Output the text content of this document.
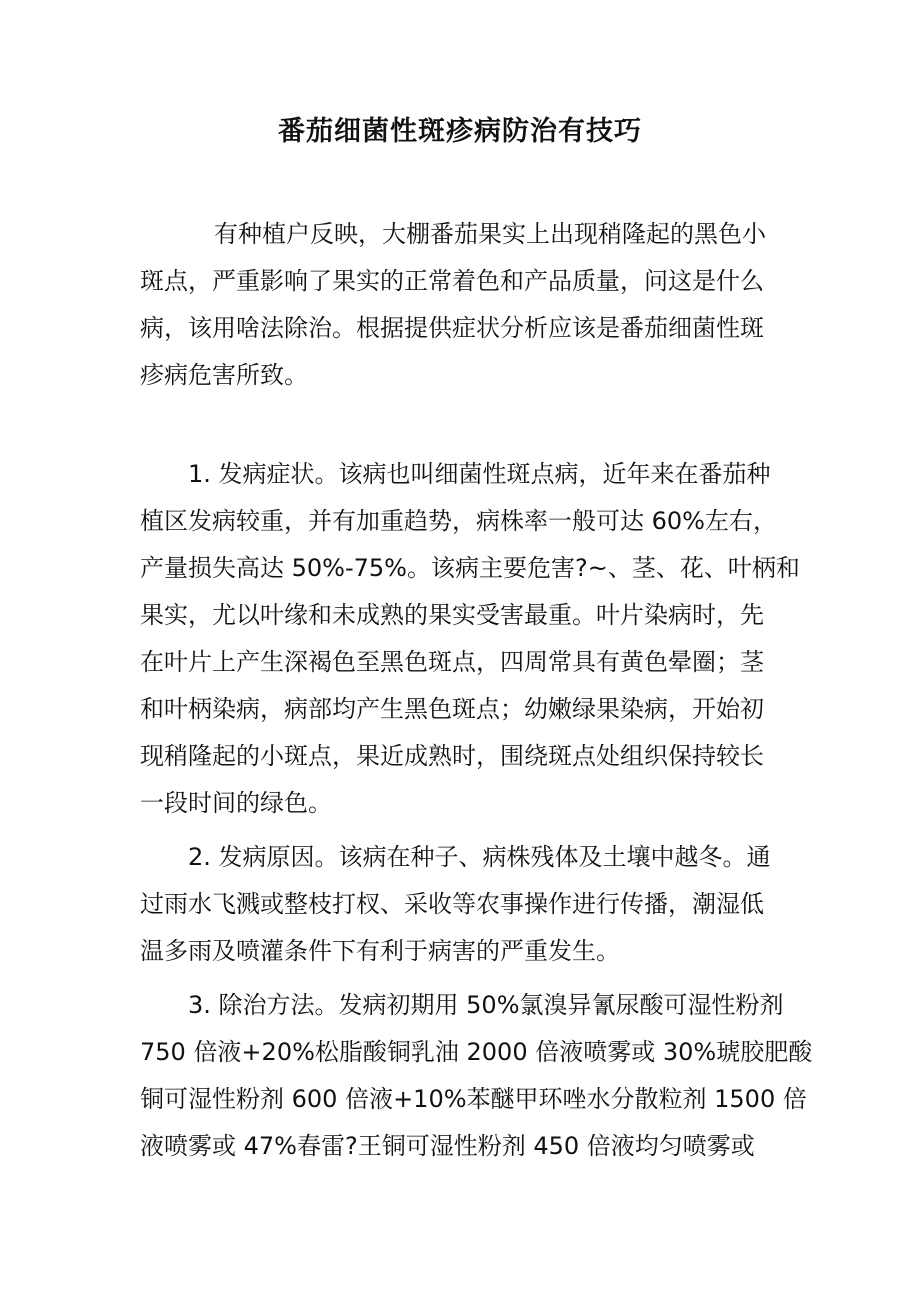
番茄细菌性斑疹病防治有技巧
有种植户反映，大棚番茄果实上出现稍隆起的黑色小
斑点，严重影响了果实的正常着色和产品质量，问这是什么
病，该用啥法除治。根据提供症状分析应该是番茄细菌性斑
疹病危害所致。
1. 发病症状。该病也叫细菌性斑点病，近年来在番茄种
植区发病较重，并有加重趋势，病株率一般可达 60%左右，
产量损失高达 50%-75%。该病主要危害?~、茎、花、叶柄和
果实，尤以叶缘和未成熟的果实受害最重。叶片染病时，先
在叶片上产生深褐色至黑色斑点，四周常具有黄色晕圈；茎
和叶柄染病，病部均产生黑色斑点；幼嫩绿果染病，开始初
现稍隆起的小斑点，果近成熟时，围绕斑点处组织保持较长
一段时间的绿色。
2. 发病原因。该病在种子、病株残体及土壤中越冬。通
过雨水飞溅或整枝打杈、采收等农事操作进行传播，潮湿低
温多雨及喷灌条件下有利于病害的严重发生。
3. 除治方法。发病初期用 50%氯溴异氰尿酸可湿性粉剂
750 倍液+20%松脂酸铜乳油 2000 倍液喷雾或 30%琥胶肥酸
铜可湿性粉剂 600 倍液+10%苯醚甲环唑水分散粒剂 1500 倍
液喷雾或 47%春雷?王铜可湿性粉剂 450 倍液均匀喷雾或
